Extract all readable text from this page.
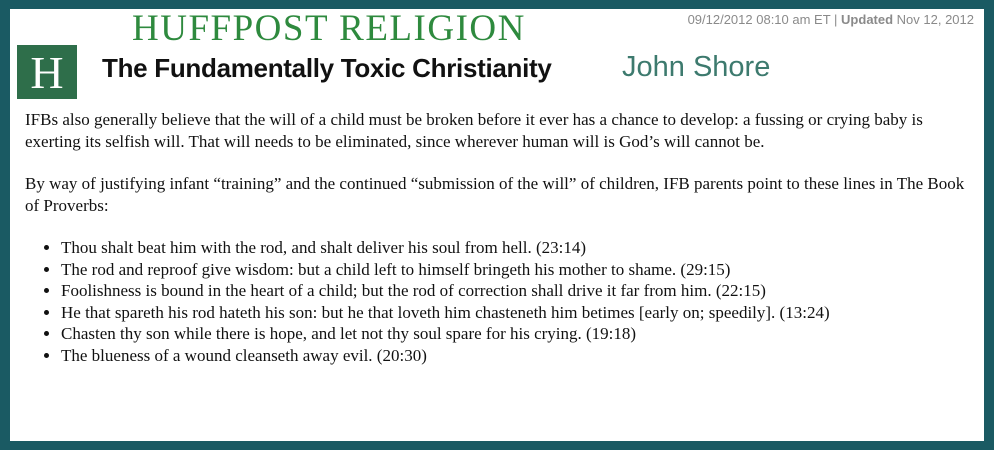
H
HUFFPOST RELIGION	09/12/2012 08:10 am ET | Updated Nov 12, 2012
The Fundamentally Toxic Christianity John Shore

IFBs also generally believe that the will of a child must be broken before it ever has a chance to develop: a fussing or crying baby is exerting its selfish will. That will needs to be eliminated, since wherever human will is God’s will cannot be.

By way of justifying infant “training” and the continued “submission of the will” of children, IFB parents point to these lines in The Book of Proverbs:

• Thou shalt beat him with the rod, and shalt deliver his soul from hell. (23:14)
• The rod and reproof give wisdom: but a child left to himself bringeth his mother to shame. (29:15)
• Foolishness is bound in the heart of a child; but the rod of correction shall drive it far from him. (22:15)
• He that spareth his rod hateth his son: but he that loveth him chasteneth him betimes [early on; speedily]. (13:24)
• Chasten thy son while there is hope, and let not thy soul spare for his crying. (19:18)
• The blueness of a wound cleanseth away evil. (20:30)
